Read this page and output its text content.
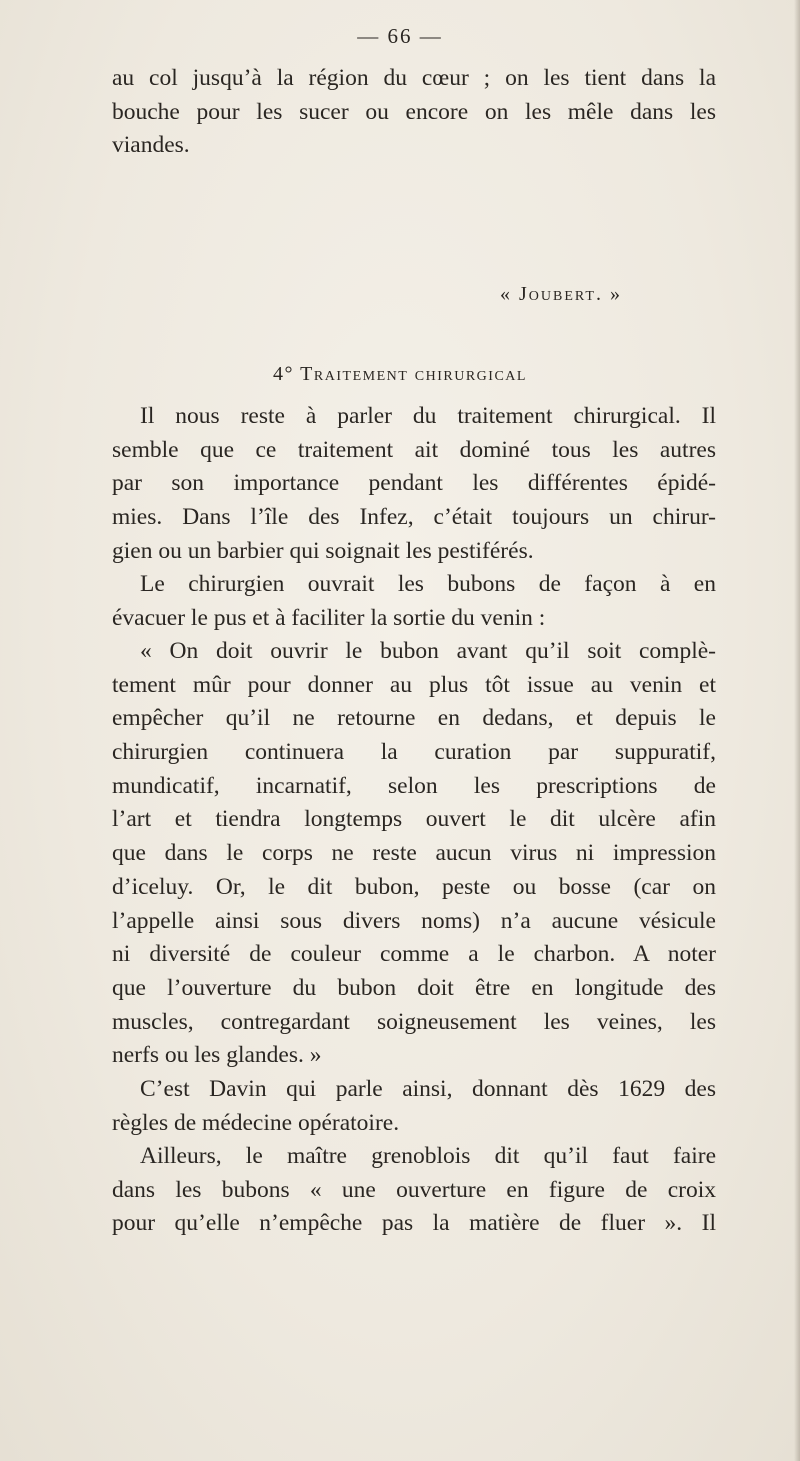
— 66 —
au col jusqu’à la région du cœur ; on les tient dans la
bouche pour les sucer ou encore on les mêle dans les
viandes.
« Joubert. »
4° Traitement chirurgical
Il nous reste à parler du traitement chirurgical. Il
semble que ce traitement ait dominé tous les autres
par son importance pendant les différentes épidé-
mies. Dans l’île des Infez, c’était toujours un chirur-
gien ou un barbier qui soignait les pestiférés.
Le chirurgien ouvrait les bubons de façon à en
évacuer le pus et à faciliter la sortie du venin :
« On doit ouvrir le bubon avant qu’il soit complè-
tement mûr pour donner au plus tôt issue au venin et
empêcher qu’il ne retourne en dedans, et depuis le
chirurgien continuera la curation par suppuratif,
mundicatif, incarnatif, selon les prescriptions de
l’art et tiendra longtemps ouvert le dit ulcère afin
que dans le corps ne reste aucun virus ni impression
d’iceluy. Or, le dit bubon, peste ou bosse (car on
l’appelle ainsi sous divers noms) n’a aucune vésicule
ni diversité de couleur comme a le charbon. A noter
que l’ouverture du bubon doit être en longitude des
muscles, contregardant soigneusement les veines, les
nerfs ou les glandes. »
C’est Davin qui parle ainsi, donnant dès 1629 des
règles de médecine opératoire.
Ailleurs, le maître grenoblois dit qu’il faut faire
dans les bubons « une ouverture en figure de croix
pour qu’elle n’empêche pas la matière de fluer ». Il
